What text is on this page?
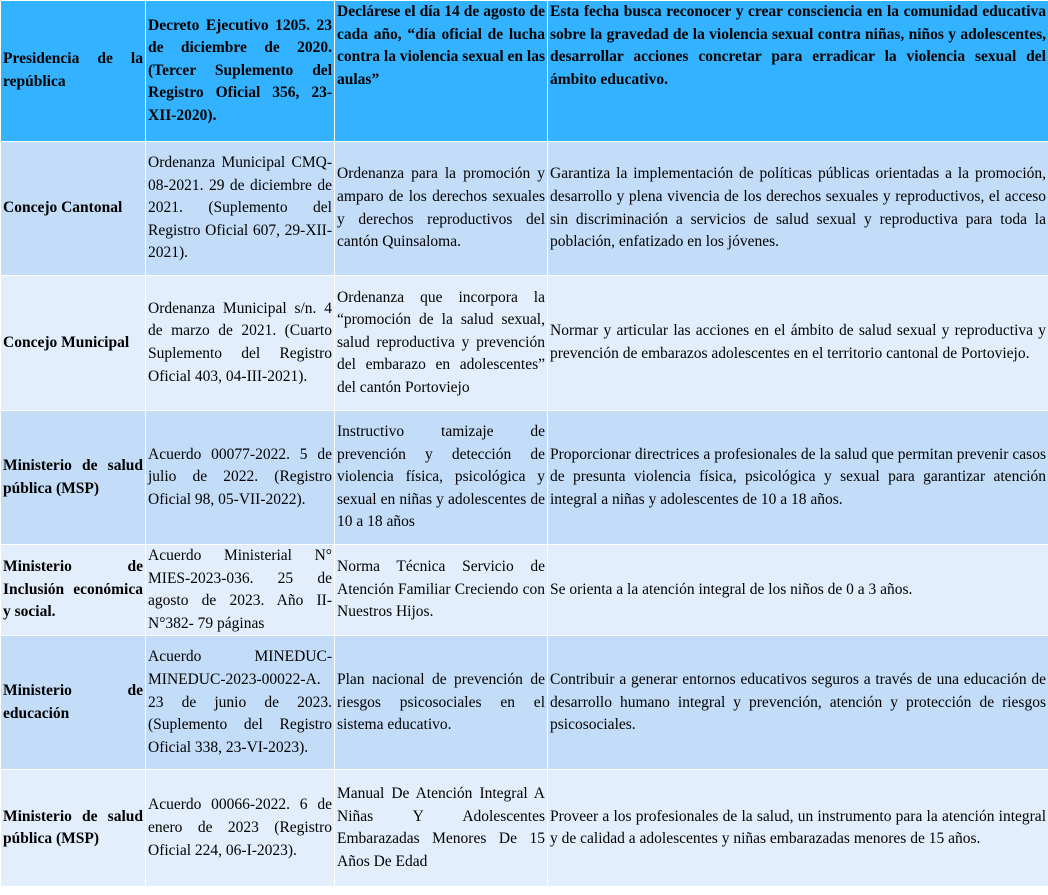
Presidencia de la república	Decreto Ejecutivo 1205. 23 de diciembre de 2020. (Tercer Suplemento del Registro Oficial 356, 23-XII-2020).	Declárese el día 14 de agosto de cada año, “día oficial de lucha contra la violencia sexual en las aulas”	Esta fecha busca reconocer y crear consciencia en la comunidad educativa sobre la gravedad de la violencia sexual contra niñas, niños y adolescentes, desarrollar acciones concretar para erradicar la violencia sexual del ámbito educativo.
Concejo Cantonal	Ordenanza Municipal CMQ-08-2021. 29 de diciembre de 2021. (Suplemento del Registro Oficial 607, 29-XII-2021).	Ordenanza para la promoción y amparo de los derechos sexuales y derechos reproductivos del cantón Quinsaloma.	Garantiza la implementación de políticas públicas orientadas a la promoción, desarrollo y plena vivencia de los derechos sexuales y reproductivos, el acceso sin discriminación a servicios de salud sexual y reproductiva para toda la población, enfatizado en los jóvenes.
Concejo Municipal	Ordenanza Municipal s/n. 4 de marzo de 2021. (Cuarto Suplemento del Registro Oficial 403, 04-III-2021).	Ordenanza que incorpora la “promoción de la salud sexual, salud reproductiva y prevención del embarazo en adolescentes” del cantón Portoviejo	Normar y articular las acciones en el ámbito de salud sexual y reproductiva y prevención de embarazos adolescentes en el territorio cantonal de Portoviejo.
Ministerio de salud pública (MSP)	Acuerdo 00077-2022. 5 de julio de 2022. (Registro Oficial 98, 05-VII-2022).	Instructivo tamizaje de prevención y detección de violencia física, psicológica y sexual en niñas y adolescentes de 10 a 18 años	Proporcionar directrices a profesionales de la salud que permitan prevenir casos de presunta violencia física, psicológica y sexual para garantizar atención integral a niñas y adolescentes de 10 a 18 años.
Ministerio de Inclusión económica y social.	Acuerdo Ministerial N° MIES-2023-036. 25 de agosto de 2023. Año II- N°382- 79 páginas	Norma Técnica Servicio de Atención Familiar Creciendo con Nuestros Hijos.	Se orienta a la atención integral de los niños de 0 a 3 años.
Ministerio de educación	Acuerdo MINEDUC-MINEDUC-2023-00022-A. 23 de junio de 2023. (Suplemento del Registro Oficial 338, 23-VI-2023).	Plan nacional de prevención de riesgos psicosociales en el sistema educativo.	Contribuir a generar entornos educativos seguros a través de una educación de desarrollo humano integral y prevención, atención y protección de riesgos psicosociales.
Ministerio de salud pública (MSP)	Acuerdo 00066-2022. 6 de enero de 2023 (Registro Oficial 224, 06-I-2023).	Manual De Atención Integral A Niñas Y Adolescentes Embarazadas Menores De 15 Años De Edad	Proveer a los profesionales de la salud, un instrumento para la atención integral y de calidad a adolescentes y niñas embarazadas menores de 15 años.
